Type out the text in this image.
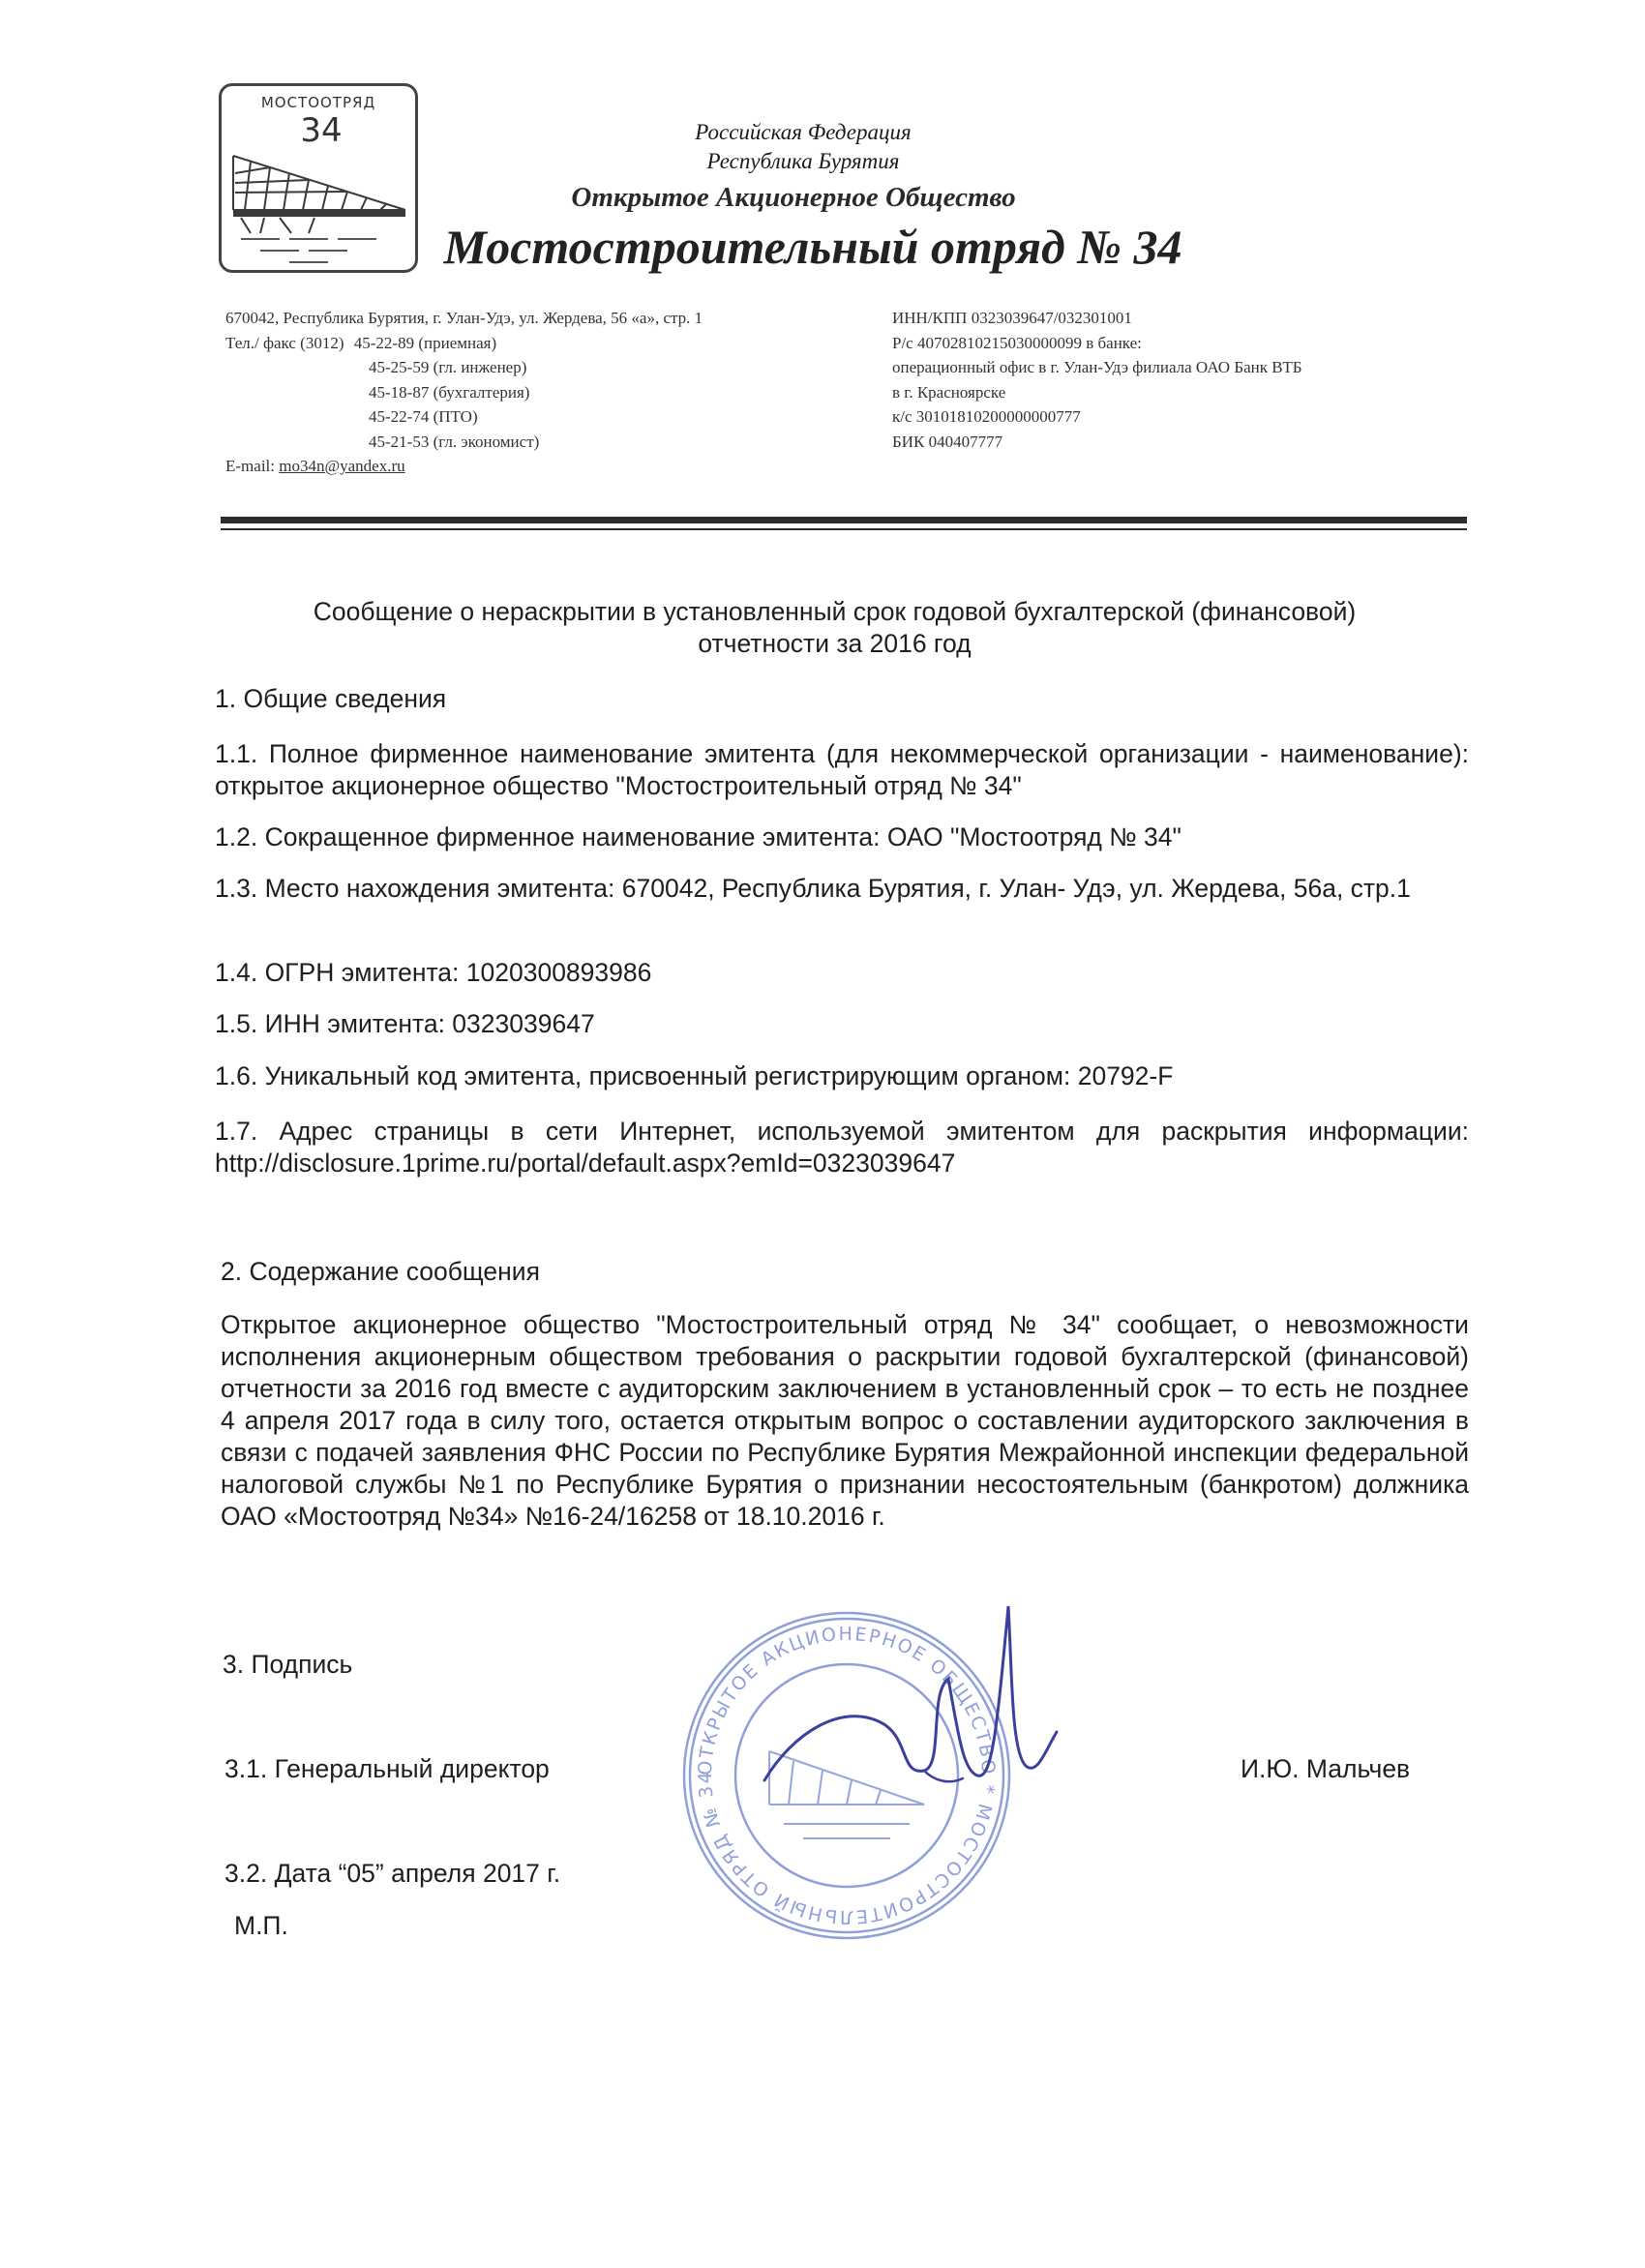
МОСТООТРЯД
34	Российская Федерация
Республика Бурятия
Открытое Акционерное Общество
Мостостроительный отряд № 34
670042, Республика Бурятия, г. Улан-Удэ, ул. Жердева, 56 «а», стр. 1
Тел./ факс (3012) 45-22-89 (приемная)
45-25-59 (гл. инженер)
45-18-87 (бухгалтерия)
45-22-74 (ПТО)
45-21-53 (гл. экономист)
E-mail: mo34n@yandex.ru
ИНН/КПП 0323039647/032301001
Р/с 40702810215030000099 в банке:
операционный офис в г. Улан-Удэ филиала ОАО Банк ВТБ
в г. Красноярске
к/с 30101810200000000777
БИК 040407777
Сообщение о нераскрытии в установленный срок годовой бухгалтерской (финансовой)
отчетности за 2016 год
1. Общие сведения
1.1. Полное фирменное наименование эмитента (для некоммерческой организации - наименование): открытое акционерное общество "Мостостроительный отряд № 34"
1.2. Сокращенное фирменное наименование эмитента: ОАО "Мостоотряд № 34"
1.3. Место нахождения эмитента: 670042, Республика Бурятия, г. Улан- Удэ, ул. Жердева, 56а, стр.1
1.4. ОГРН эмитента: 1020300893986
1.5. ИНН эмитента: 0323039647
1.6. Уникальный код эмитента, присвоенный регистрирующим органом: 20792-F
1.7. Адрес страницы в сети Интернет, используемой эмитентом для раскрытия информации: http://disclosure.1prime.ru/portal/default.aspx?emId=0323039647
2. Содержание сообщения
Открытое акционерное общество "Мостостроительный отряд № 34" сообщает, о невозможности исполнения акционерным обществом требования о раскрытии годовой бухгалтерской (финансовой) отчетности за 2016 год вместе с аудиторским заключением в установленный срок – то есть не позднее 4 апреля 2017 года в силу того, остается открытым вопрос о составлении аудиторского заключения в связи с подачей заявления ФНС России по Республике Бурятия Межрайонной инспекции федеральной налоговой службы №1 по Республике Бурятия о признании несостоятельным (банкротом) должника ОАО «Мостоотряд №34» №16-24/16258 от 18.10.2016 г.
ОТКРЫТОЕ АКЦИОНЕРНОЕ ОБЩЕСТВО * МОСТОСТРОИТЕЛЬНЫЙ ОТРЯД № 34
3. Подпись
3.1. Генеральный директор	И.Ю. Мальчев
3.2. Дата “05” апреля 2017 г.
М.П.
